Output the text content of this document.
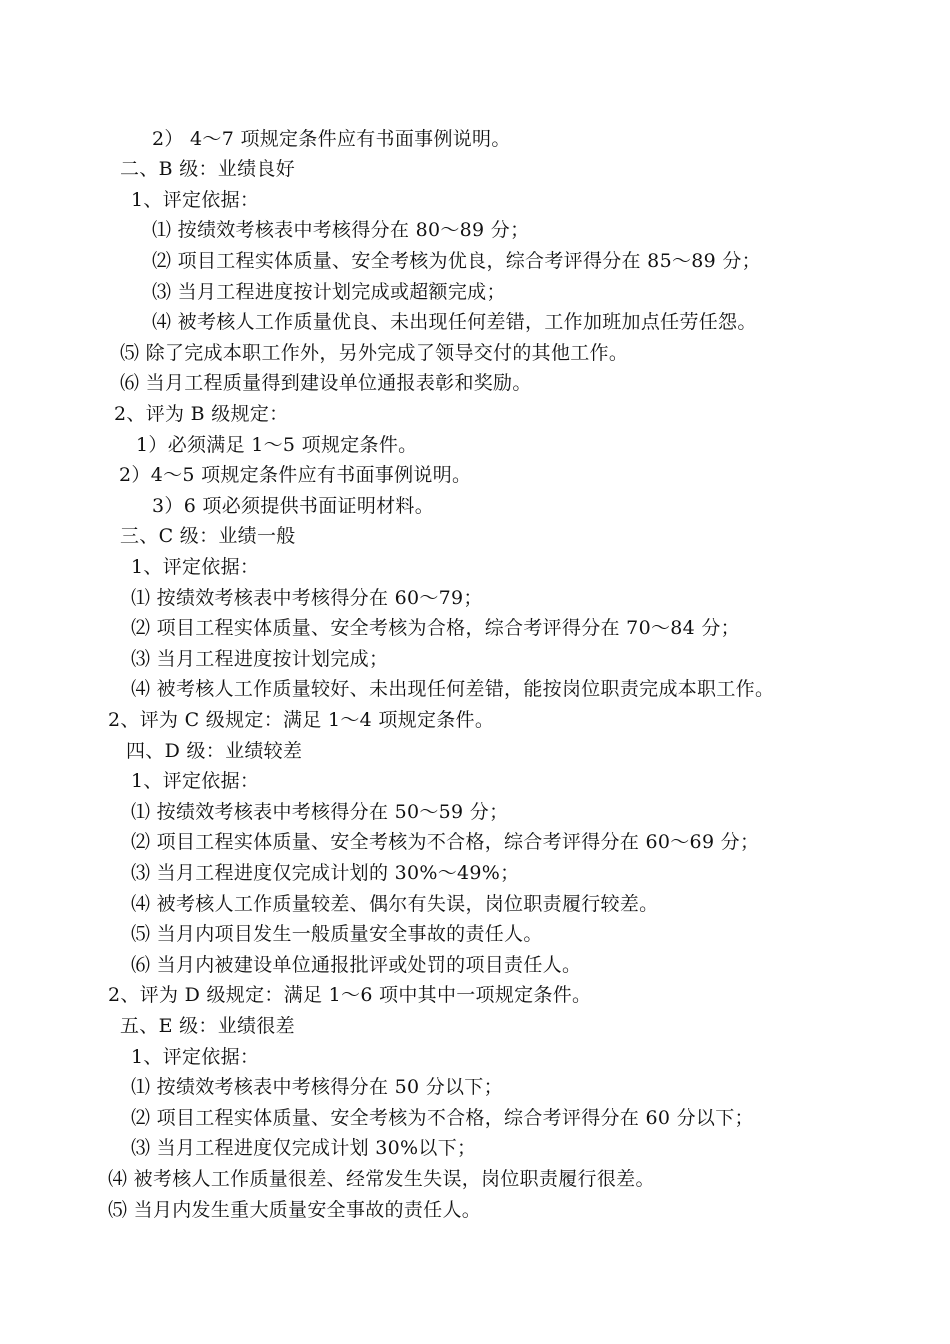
2） 4～7 项规定条件应有书面事例说明。
二、B 级：业绩良好
1、评定依据：
⑴ 按绩效考核表中考核得分在 80～89 分；
⑵ 项目工程实体质量、安全考核为优良，综合考评得分在 85～89 分；
⑶ 当月工程进度按计划完成或超额完成；
⑷ 被考核人工作质量优良、未出现任何差错，工作加班加点任劳任怨。
⑸ 除了完成本职工作外，另外完成了领导交付的其他工作。
⑹ 当月工程质量得到建设单位通报表彰和奖励。
2、评为 B 级规定：
1）必须满足 1～5 项规定条件。
2）4～5 项规定条件应有书面事例说明。
3）6 项必须提供书面证明材料。
三、C 级：业绩一般
1、评定依据：
⑴ 按绩效考核表中考核得分在 60～79；
⑵ 项目工程实体质量、安全考核为合格，综合考评得分在 70～84 分；
⑶ 当月工程进度按计划完成；
⑷ 被考核人工作质量较好、未出现任何差错，能按岗位职责完成本职工作。
2、评为 C 级规定：满足 1～4 项规定条件。
四、D 级：业绩较差
1、评定依据：
⑴ 按绩效考核表中考核得分在 50～59 分；
⑵ 项目工程实体质量、安全考核为不合格，综合考评得分在 60～69 分；
⑶ 当月工程进度仅完成计划的 30%～49%；
⑷ 被考核人工作质量较差、偶尔有失误，岗位职责履行较差。
⑸ 当月内项目发生一般质量安全事故的责任人。
⑹ 当月内被建设单位通报批评或处罚的项目责任人。
2、评为 D 级规定：满足 1～6 项中其中一项规定条件。
五、E 级：业绩很差
1、评定依据：
⑴ 按绩效考核表中考核得分在 50 分以下；
⑵ 项目工程实体质量、安全考核为不合格，综合考评得分在 60 分以下；
⑶ 当月工程进度仅完成计划 30%以下；
⑷ 被考核人工作质量很差、经常发生失误，岗位职责履行很差。
⑸ 当月内发生重大质量安全事故的责任人。
